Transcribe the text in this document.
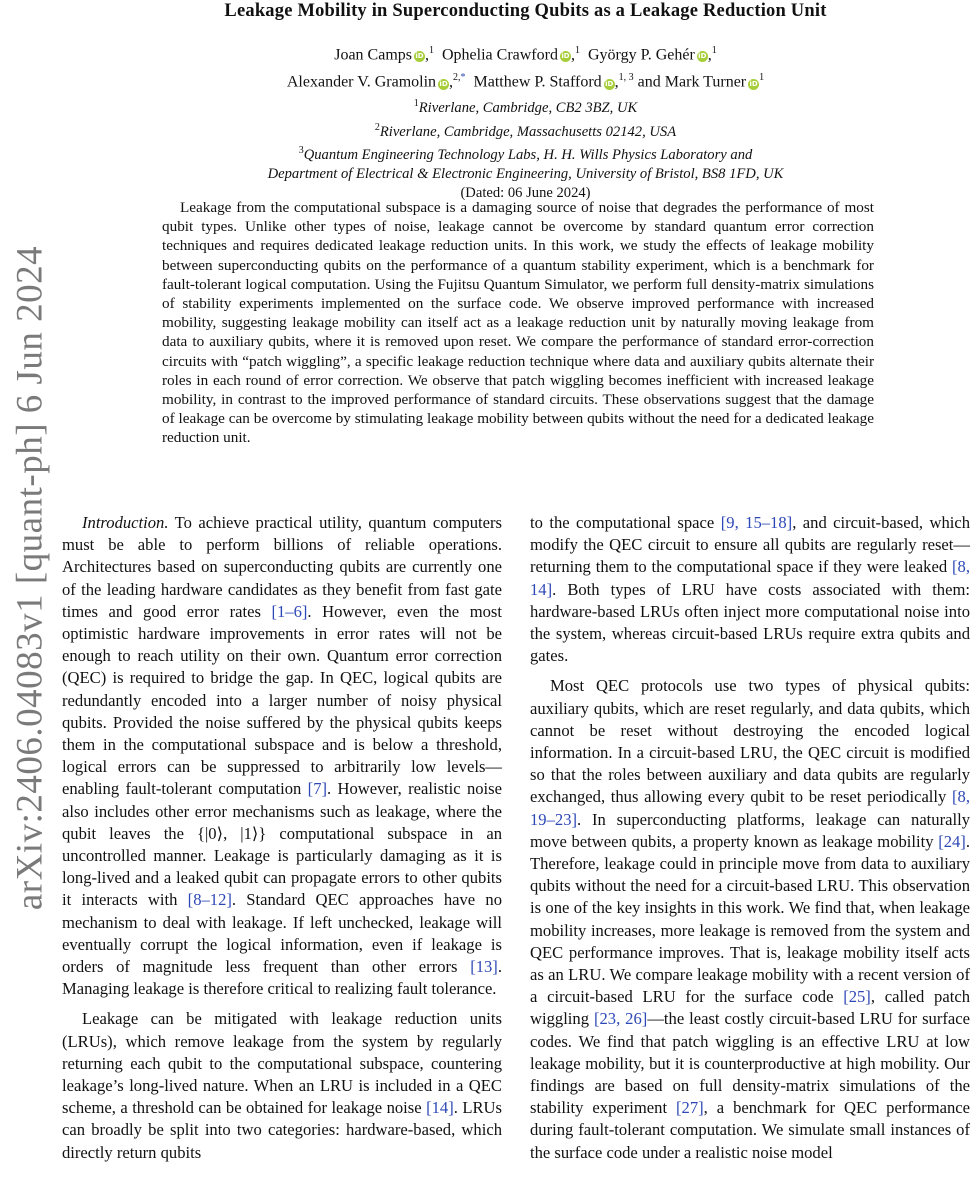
arXiv:2406.04083v1 [quant-ph] 6 Jun 2024
Leakage Mobility in Superconducting Qubits as a Leakage Reduction Unit
Joan Camps iD,$^1$ Ophelia Crawford iD,$^1$ György P. Gehér iD,$^1$
Alexander V. Gramolin iD,$^{2,*}$ Matthew P. Stafford iD,$^{1, 3}$ and Mark Turner $iD^1$
$^1$Riverlane, Cambridge, CB2 3BZ, UK
$^2$Riverlane, Cambridge, Massachusetts 02142, USA
$^3$Quantum Engineering Technology Labs, H. H. Wills Physics Laboratory and
Department of Electrical & Electronic Engineering, University of Bristol, BS8 1FD, UK
(Dated: 06 June 2024)
Leakage from the computational subspace is a damaging source of noise that degrades the performance of most qubit types. Unlike other types of noise, leakage cannot be overcome by standard quantum error correction techniques and requires dedicated leakage reduction units. In this work, we study the effects of leakage mobility between superconducting qubits on the performance of a quantum stability experiment, which is a benchmark for fault-tolerant logical computation. Using the Fujitsu Quantum Simulator, we perform full density-matrix simulations of stability experiments implemented on the surface code. We observe improved performance with increased mobility, suggesting leakage mobility can itself act as a leakage reduction unit by naturally moving leakage from data to auxiliary qubits, where it is removed upon reset. We compare the performance of standard error-correction circuits with “patch wiggling”, a specific leakage reduction technique where data and auxiliary qubits alternate their roles in each round of error correction. We observe that patch wiggling becomes inefficient with increased leakage mobility, in contrast to the improved performance of standard circuits. These observations suggest that the damage of leakage can be overcome by stimulating leakage mobility between qubits without the need for a dedicated leakage reduction unit.

Introduction. To achieve practical utility, quantum computers must be able to perform billions of reliable operations. Architectures based on superconducting qubits are currently one of the leading hardware candidates as they benefit from fast gate times and good error rates [1–6]. However, even the most optimistic hardware improvements in error rates will not be enough to reach utility on their own. Quantum error correction (QEC) is required to bridge the gap. In QEC, logical qubits are redundantly encoded into a larger number of noisy physical qubits. Provided the noise suffered by the physical qubits keeps them in the computational subspace and is below a threshold, logical errors can be suppressed to arbitrarily low levels—enabling fault-tolerant computation [7]. However, realistic noise also includes other error mechanisms such as leakage, where the qubit leaves the {|0⟩, |1⟩} computational subspace in an uncontrolled manner. Leakage is particularly damaging as it is long-lived and a leaked qubit can propagate errors to other qubits it interacts with [8–12]. Standard QEC approaches have no mechanism to deal with leakage. If left unchecked, leakage will eventually corrupt the logical information, even if leakage is orders of magnitude less frequent than other errors [13]. Managing leakage is therefore critical to realizing fault tolerance.

Leakage can be mitigated with leakage reduction units (LRUs), which remove leakage from the system by regularly returning each qubit to the computational subspace, countering leakage’s long-lived nature. When an LRU is included in a QEC scheme, a threshold can be obtained for leakage noise [14]. LRUs can broadly be split into two categories: hardware-based, which directly return qubits

to the computational space [9, 15–18], and circuit-based, which modify the QEC circuit to ensure all qubits are regularly reset—returning them to the computational space if they were leaked [8, 14]. Both types of LRU have costs associated with them: hardware-based LRUs often inject more computational noise into the system, whereas circuit-based LRUs require extra qubits and gates.

Most QEC protocols use two types of physical qubits: auxiliary qubits, which are reset regularly, and data qubits, which cannot be reset without destroying the encoded logical information. In a circuit-based LRU, the QEC circuit is modified so that the roles between auxiliary and data qubits are regularly exchanged, thus allowing every qubit to be reset periodically [8, 19–23]. In superconducting platforms, leakage can naturally move between qubits, a property known as leakage mobility [24]. Therefore, leakage could in principle move from data to auxiliary qubits without the need for a circuit-based LRU. This observation is one of the key insights in this work. We find that, when leakage mobility increases, more leakage is removed from the system and QEC performance improves. That is, leakage mobility itself acts as an LRU. We compare leakage mobility with a recent version of a circuit-based LRU for the surface code [25], called patch wiggling [23, 26]—the least costly circuit-based LRU for surface codes. We find that patch wiggling is an effective LRU at low leakage mobility, but it is counterproductive at high mobility. Our findings are based on full density-matrix simulations of the stability experiment [27], a benchmark for QEC performance during fault-tolerant computation. We simulate small instances of the surface code under a realistic noise model
